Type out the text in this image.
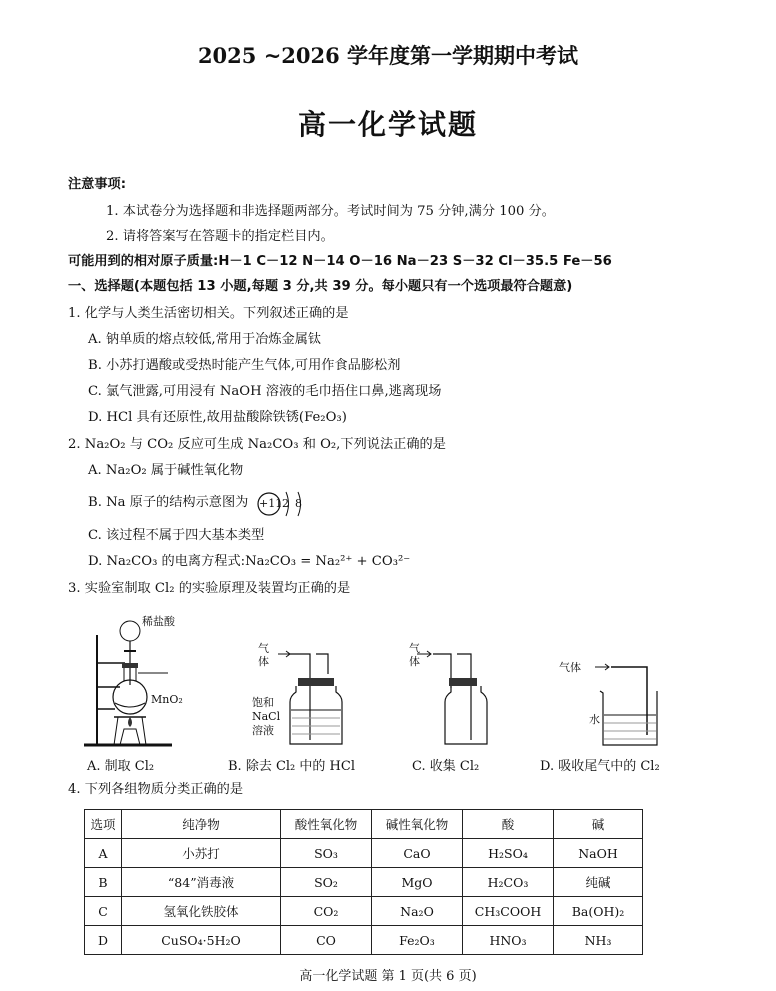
2025 ~2026 学年度第一学期期中考试
高一化学试题
注意事项:
1. 本试卷分为选择题和非选择题两部分。考试时间为 75 分钟,满分 100 分。
2. 请将答案写在答题卡的指定栏目内。
可能用到的相对原子质量:H－1 C－12 N－14 O－16 Na－23 S－32 Cl－35.5 Fe－56
一、选择题(本题包括 13 小题,每题 3 分,共 39 分。每小题只有一个选项最符合题意)
1. 化学与人类生活密切相关。下列叙述正确的是
A. 钠单质的熔点较低,常用于冶炼金属钛
B. 小苏打遇酸或受热时能产生气体,可用作食品膨松剂
C. 氯气泄露,可用浸有 NaOH 溶液的毛巾捂住口鼻,逃离现场
D. HCl 具有还原性,故用盐酸除铁锈(Fe₂O₃)
2. Na₂O₂ 与 CO₂ 反应可生成 Na₂CO₃ 和 O₂,下列说法正确的是
A. Na₂O₂ 属于碱性氧化物
B. Na 原子的结构示意图为 +11 2 8
C. 该过程不属于四大基本类型
D. Na₂CO₃ 的电离方程式:Na₂CO₃ = Na₂²⁺ + CO₃²⁻
3. 实验室制取 Cl₂ 的实验原理及装置均正确的是
稀盐酸
MnO₂
气
体
饱和
NaCl
溶液
气
体	气体
水
A. 制取 Cl₂	B. 除去 Cl₂ 中的 HCl	C. 收集 Cl₂	D. 吸收尾气中的 Cl₂
4. 下列各组物质分类正确的是
选项	纯净物	酸性氧化物	碱性氧化物	酸	碱
A	小苏打	SO₃	CaO	H₂SO₄	NaOH
B	“84”消毒液	SO₂	MgO	H₂CO₃	纯碱
C	氢氧化铁胶体	CO₂	Na₂O	CH₃COOH	Ba(OH)₂
D	CuSO₄·5H₂O	CO	Fe₂O₃	HNO₃	NH₃
高一化学试题 第 1 页(共 6 页)
